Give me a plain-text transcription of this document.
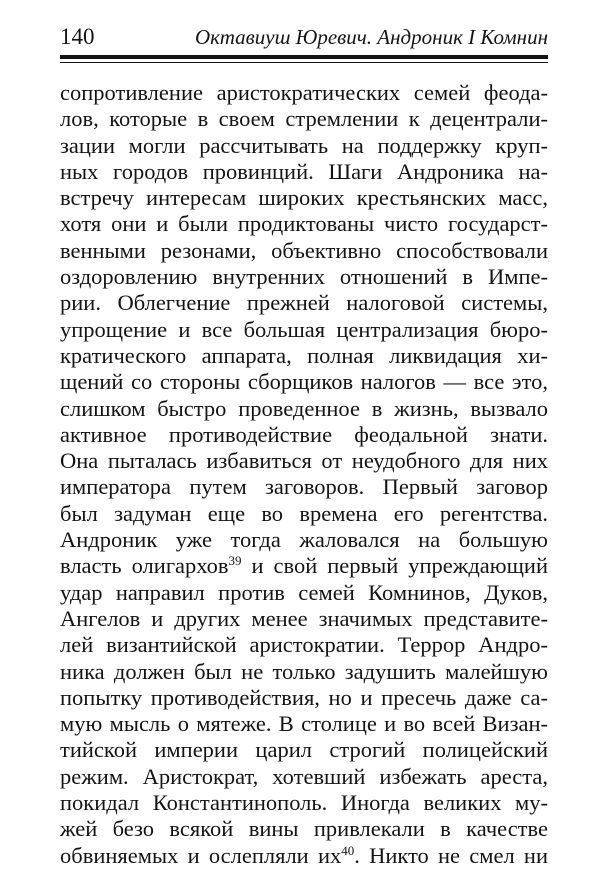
140	Октавиуш Юревич. Андроник I Комнин
сопротивление аристократических семей феода-
лов, которые в своем стремлении к децентрали-
зации могли рассчитывать на поддержку круп-
ных городов провинций. Шаги Андроника на-
встречу интересам широких крестьянских масс,
хотя они и были продиктованы чисто государст-
венными резонами, объективно способствовали
оздоровлению внутренних отношений в Импе-
рии. Облегчение прежней налоговой системы,
упрощение и все большая централизация бюро-
кратического аппарата, полная ликвидация хи-
щений со стороны сборщиков налогов — все это,
слишком быстро проведенное в жизнь, вызвало
активное противодействие феодальной знати.
Она пыталась избавиться от неудобного для них
императора путем заговоров. Первый заговор
был задуман еще во времена его регентства.
Андроник уже тогда жаловался на большую
власть олигархов$^{39}$ и свой первый упреждающий
удар направил против семей Комнинов, Дуков,
Ангелов и других менее значимых представите-
лей византийской аристократии. Террор Андро-
ника должен был не только задушить малейшую
попытку противодействия, но и пресечь даже са-
мую мысль о мятеже. В столице и во всей Визан-
тийской империи царил строгий полицейский
режим. Аристократ, хотевший избежать ареста,
покидал Константинополь. Иногда великих му-
жей безо всякой вины привлекали в качестве
обвиняемых и ослепляли $их^{40}$. Никто не смел ни
